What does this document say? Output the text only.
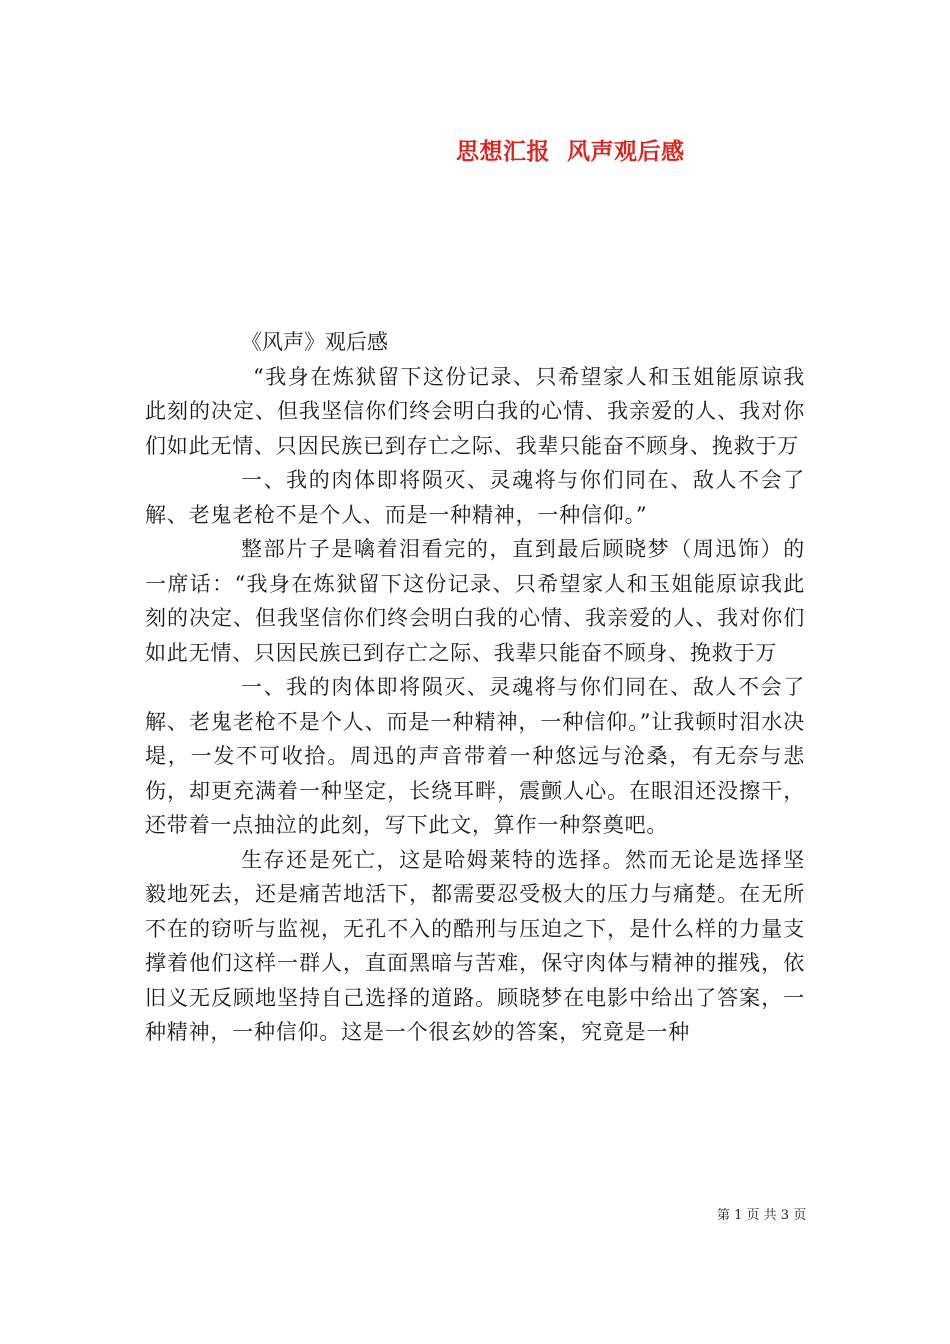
思想汇报  风声观后感

《风声》观后感

“我身在炼狱留下这份记录、只希望家人和玉姐能原谅我此刻的决定、但我坚信你们终会明白我的心情、我亲爱的人、我对你们如此无情、只因民族已到存亡之际、我辈只能奋不顾身、挽救于万

一、我的肉体即将陨灭、灵魂将与你们同在、敌人不会了解、老鬼老枪不是个人、而是一种精神，一种信仰。”

整部片子是噙着泪看完的，直到最后顾晓梦（周迅饰）的一席话：“我身在炼狱留下这份记录、只希望家人和玉姐能原谅我此刻的决定、但我坚信你们终会明白我的心情、我亲爱的人、我对你们如此无情、只因民族已到存亡之际、我辈只能奋不顾身、挽救于万

一、我的肉体即将陨灭、灵魂将与你们同在、敌人不会了解、老鬼老枪不是个人、而是一种精神，一种信仰。”让我顿时泪水决堤，一发不可收拾。周迅的声音带着一种悠远与沧桑，有无奈与悲伤，却更充满着一种坚定，长绕耳畔，震颤人心。在眼泪还没擦干，还带着一点抽泣的此刻，写下此文，算作一种祭奠吧。

生存还是死亡，这是哈姆莱特的选择。然而无论是选择坚毅地死去，还是痛苦地活下，都需要忍受极大的压力与痛楚。在无所不在的窃听与监视，无孔不入的酷刑与压迫之下，是什么样的力量支撑着他们这样一群人，直面黑暗与苦难，保守肉体与精神的摧残，依旧义无反顾地坚持自己选择的道路。顾晓梦在电影中给出了答案，一种精神，一种信仰。这是一个很玄妙的答案，究竟是一种

第 1 页 共 3 页
